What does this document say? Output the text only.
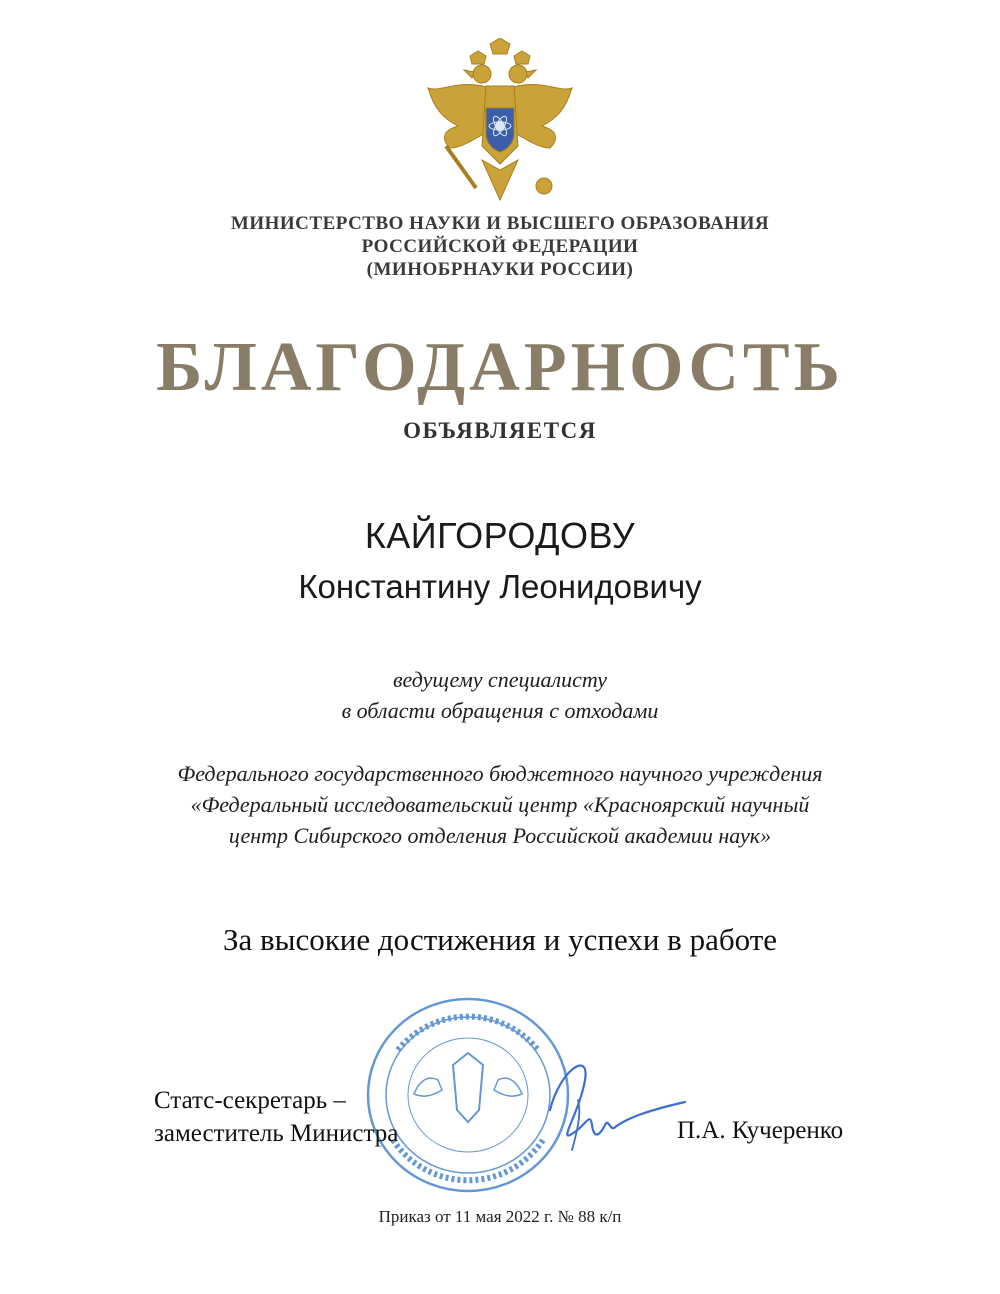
МИНИСТЕРСТВО НАУКИ И ВЫСШЕГО ОБРАЗОВАНИЯ
РОССИЙСКОЙ ФЕДЕРАЦИИ
(МИНОБРНАУКИ РОССИИ)
БЛАГОДАРНОСТЬ
ОБЪЯВЛЯЕТСЯ
КАЙГОРОДОВУ
Константину Леонидовичу
ведущему специалисту
в области обращения с отходами
Федерального государственного бюджетного научного учреждения
«Федеральный исследовательский центр «Красноярский научный
центр Сибирского отделения Российской академии наук»
За высокие достижения и успехи в работе
Статс-секретарь –
заместитель Министра	П.А. Кучеренко
Приказ от 11 мая 2022 г. № 88 к/п
